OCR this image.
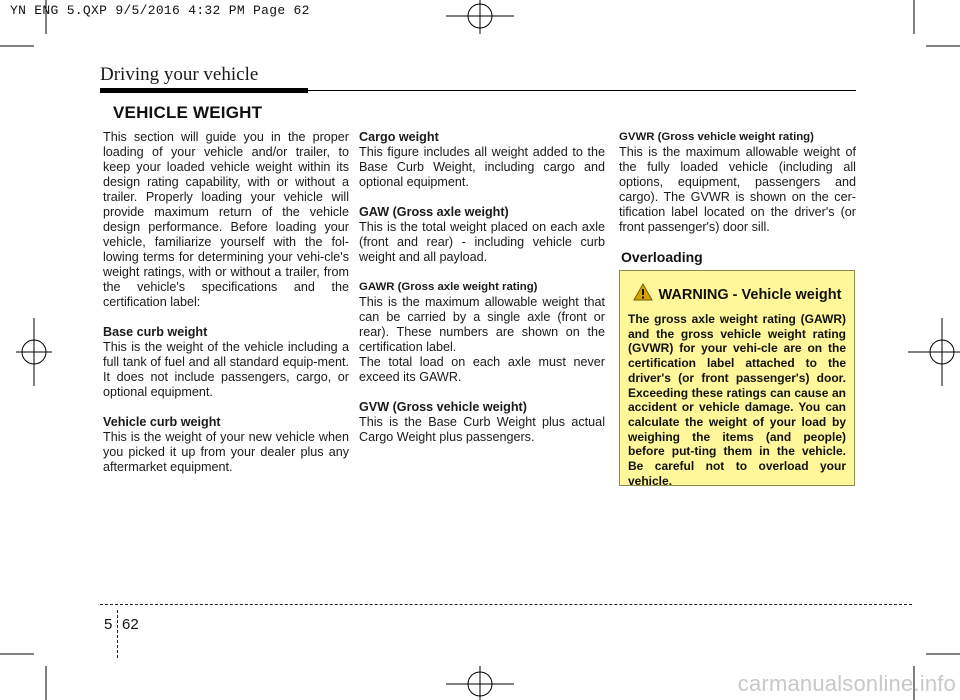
YN ENG 5.QXP 9/5/2016 4:32 PM Page 62
Driving your vehicle
VEHICLE WEIGHT

This section will guide you in the proper loading of your vehicle and/or trailer, to keep your loaded vehicle weight within its design rating capability, with or without a trailer. Properly loading your vehicle will provide maximum return of the vehicle design performance. Before loading your vehicle, familiarize yourself with the fol-lowing terms for determining your vehi-cle's weight ratings, with or without a trailer, from the vehicle's specifications and the certification label:

Base curb weight

This is the weight of the vehicle including a full tank of fuel and all standard equip-ment. It does not include passengers, cargo, or optional equipment.

Vehicle curb weight

This is the weight of your new vehicle when you picked it up from your dealer plus any aftermarket equipment.

Cargo weight

This figure includes all weight added to the Base Curb Weight, including cargo and optional equipment.

GAW (Gross axle weight)

This is the total weight placed on each axle (front and rear) - including vehicle curb weight and all payload.

GAWR (Gross axle weight rating)

This is the maximum allowable weight that can be carried by a single axle (front or rear). These numbers are shown on the certification label.

The total load on each axle must never exceed its GAWR.

GVW (Gross vehicle weight)

This is the Base Curb Weight plus actual Cargo Weight plus passengers.

GVWR (Gross vehicle weight rating)

This is the maximum allowable weight of the fully loaded vehicle (including all options, equipment, passengers and cargo). The GVWR is shown on the cer-tification label located on the driver's (or front passenger's) door sill.

Overloading
WARNING - Vehicle weight
The gross axle weight rating (GAWR) and the gross vehicle weight rating (GVWR) for your vehi-cle are on the certification label attached to the driver's (or front passenger's) door. Exceeding these ratings can cause an accident or vehicle damage. You can calculate the weight of your load by weighing the items (and people) before put-ting them in the vehicle. Be careful not to overload your vehicle.
5 62
carmanualsonline.info
